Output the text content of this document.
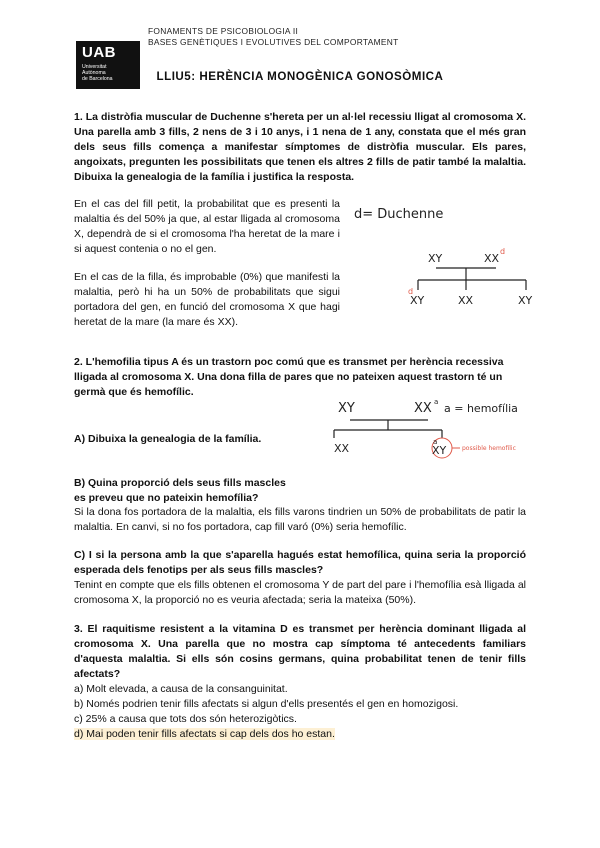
UAB
Universitat
Autònoma
de Barcelona
FONAMENTS DE PSICOBIOLOGIA II
BASES GENÈTIQUES I EVOLUTIVES DEL COMPORTAMENT
LLIU5: HERÈNCIA MONOGÈNICA GONOSÒMICA
1. La distròfia muscular de Duchenne s'hereta per un al·lel recessiu lligat al cromosoma X. Una parella amb 3 fills, 2 nens de 3 i 10 anys, i 1 nena de 1 any, constata que el més gran dels seus fills comença a manifestar símptomes de distròfia muscular. Els pares, angoixats, pregunten les possibilitats que tenen els altres 2 fills de patir també la malaltia. Dibuixa la genealogia de la família i justifica la resposta.
En el cas del fill petit, la probabilitat que es presenti la malaltia és del 50% ja que, al estar lligada al cromosoma X, dependrà de si el cromosoma l'ha heretat de la mare i si aquest contenia o no el gen.
En el cas de la filla, és improbable (0%) que manifesti la malaltia, però hi ha un 50% de probabilitats que sigui portadora del gen, en funció del cromosoma X que hagi heretat de la mare (la mare és XX).
d= Duchenne
XY	XX
d
XY
d
XX	XY
2. L'hemofilia tipus A és un trastorn poc comú que es transmet per herència recessiva lligada al cromosoma X. Una dona filla de pares que no pateixen aquest trastorn té un germà que és hemofílic.
A) Dibuixa la genealogia de la família.
B) Quina proporció dels seus fills mascles es preveu que no pateixin hemofília?
Si la dona fos portadora de la malaltia, els fills varons tindrien un 50% de probabilitats de patir la malaltia. En canvi, si no fos portadora, cap fill varó (0%) seria hemofílic.
C) I si la persona amb la que s'aparella hagués estat hemofílica, quina seria la proporció esperada dels fenotips per als seus fills mascles?
Tenint en compte que els fills obtenen el cromosoma Y de part del pare i l'hemofília esà lligada al cromosoma X, la proporció no es veuria afectada; seria la mateixa (50%).
XY	XX a a = hemofília
XX	XY
a
possible hemofílic
3. El raquitisme resistent a la vitamina D es transmet per herència dominant lligada al cromosoma X. Una parella que no mostra cap símptoma té antecedents familiars d'aquesta malaltia. Si ells són cosins germans, quina probabilitat tenen de tenir fills afectats?
a) Molt elevada, a causa de la consanguinitat.
b) Només podrien tenir fills afectats si algun d'ells presentés el gen en homozigosi.
c) 25% a causa que tots dos són heterozigòtics.
d) Mai poden tenir fills afectats si cap dels dos ho estan.
